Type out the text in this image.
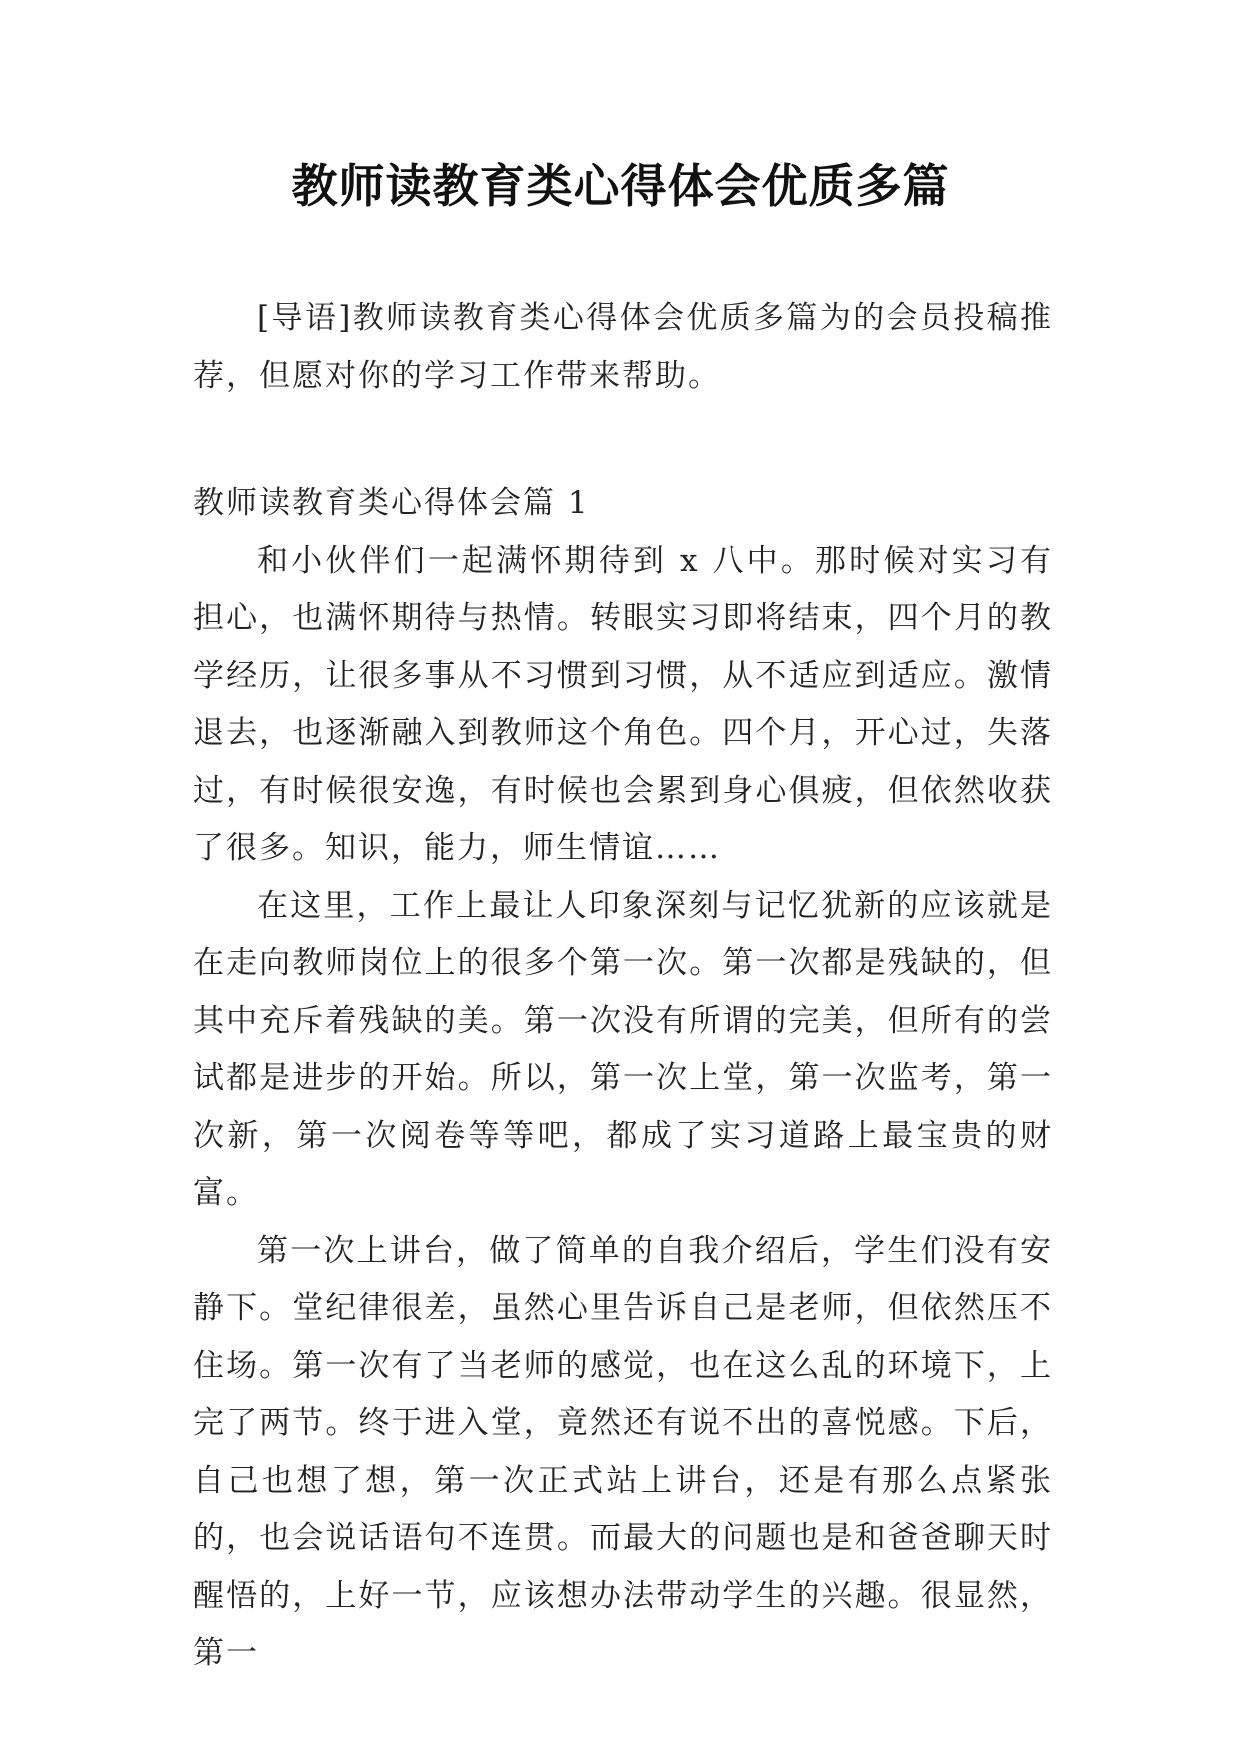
教师读教育类心得体会优质多篇

[导语]教师读教育类心得体会优质多篇为的会员投稿推荐，但愿对你的学习工作带来帮助。

教师读教育类心得体会篇 1

和小伙伴们一起满怀期待到 x 八中。那时候对实习有担心，也满怀期待与热情。转眼实习即将结束，四个月的教学经历，让很多事从不习惯到习惯，从不适应到适应。激情退去，也逐渐融入到教师这个角色。四个月，开心过，失落过，有时候很安逸，有时候也会累到身心俱疲，但依然收获了很多。知识，能力，师生情谊……

在这里，工作上最让人印象深刻与记忆犹新的应该就是在走向教师岗位上的很多个第一次。第一次都是残缺的，但其中充斥着残缺的美。第一次没有所谓的完美，但所有的尝试都是进步的开始。所以，第一次上堂，第一次监考，第一次新，第一次阅卷等等吧，都成了实习道路上最宝贵的财富。

第一次上讲台，做了简单的自我介绍后，学生们没有安静下。堂纪律很差，虽然心里告诉自己是老师，但依然压不住场。第一次有了当老师的感觉，也在这么乱的环境下，上完了两节。终于进入堂，竟然还有说不出的喜悦感。下后，自己也想了想，第一次正式站上讲台，还是有那么点紧张的，也会说话语句不连贯。而最大的问题也是和爸爸聊天时醒悟的，上好一节，应该想办法带动学生的兴趣。很显然，第一
